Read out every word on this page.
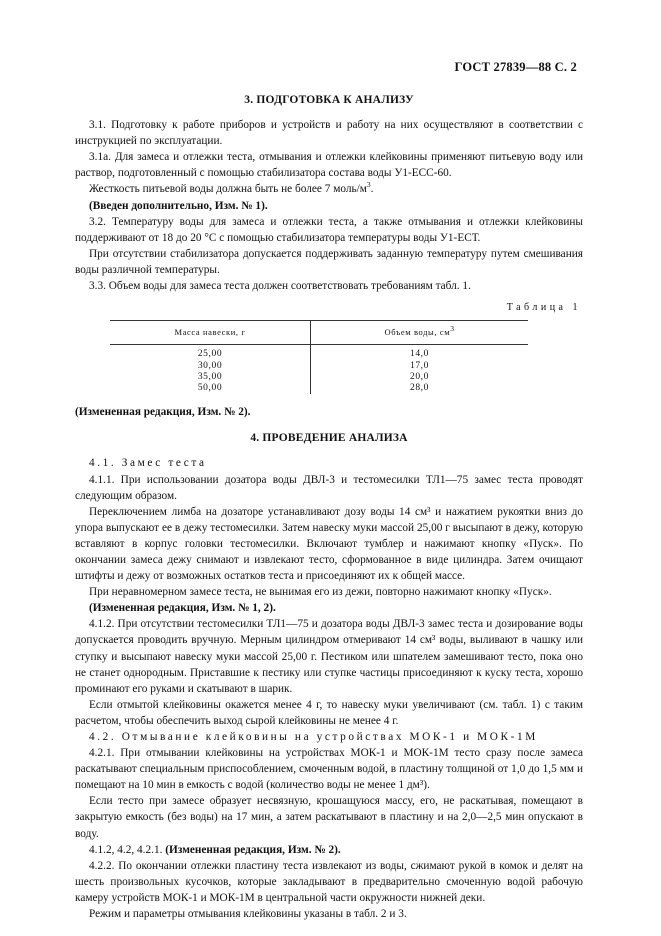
ГОСТ 27839—88 С. 2
3. ПОДГОТОВКА К АНАЛИЗУ

3.1. Подготовку к работе приборов и устройств и работу на них осуществляют в соответствии с инструкцией по эксплуатации.

3.1а. Для замеса и отлежки теста, отмывания и отлежки клейковины применяют питьевую воду или раствор, подготовленный с помощью стабилизатора состава воды У1-ЕСС-60.

Жесткость питьевой воды должна быть не более 7 моль/$м^3$.

(Введен дополнительно, Изм. № 1).

3.2. Температуру воды для замеса и отлежки теста, а также отмывания и отлежки клейковины поддерживают от 18 до 20 °С с помощью стабилизатора температуры воды У1-ЕСТ.

При отсутствии стабилизатора допускается поддерживать заданную температуру путем смешивания воды различной температуры.

3.3. Объем воды для замеса теста должен соответствовать требованиям табл. 1.

Таблица 1
Масса навески, г	Объем воды, $см^3$
25,00	14,0
30,00	17,0
35,00	20,0
50,00	28,0

(Измененная редакция, Изм. № 2).

4. ПРОВЕДЕНИЕ АНАЛИЗА

4.1. Замес теста

4.1.1. При использовании дозатора воды ДВЛ-3 и тестомесилки ТЛ1—75 замес теста проводят следующим образом.

Переключением лимба на дозаторе устанавливают дозу воды 14 см³ и нажатием рукоятки вниз до упора выпускают ее в дежу тестомесилки. Затем навеску муки массой 25,00 г высыпают в дежу, которую вставляют в корпус головки тестомесилки. Включают тумблер и нажимают кнопку «Пуск». По окончании замеса дежу снимают и извлекают тесто, сформованное в виде цилиндра. Затем очищают штифты и дежу от возможных остатков теста и присоединяют их к общей массе.

При неравномерном замесе теста, не вынимая его из дежи, повторно нажимают кнопку «Пуск».

(Измененная редакция, Изм. № 1, 2).

4.1.2. При отсутствии тестомесилки ТЛ1—75 и дозатора воды ДВЛ-3 замес теста и дозирование воды допускается проводить вручную. Мерным цилиндром отмеривают 14 см³ воды, выливают в чашку или ступку и высыпают навеску муки массой 25,00 г. Пестиком или шпателем замешивают тесто, пока оно не станет однородным. Приставшие к пестику или ступке частицы присоединяют к куску теста, хорошо проминают его руками и скатывают в шарик.

Если отмытой клейковины окажется менее 4 г, то навеску муки увеличивают (см. табл. 1) с таким расчетом, чтобы обеспечить выход сырой клейковины не менее 4 г.

4.2. Отмывание клейковины на устройствах МОК-1 и МОК-1М

4.2.1. При отмывании клейковины на устройствах МОК-1 и МОК-1М тесто сразу после замеса раскатывают специальным приспособлением, смоченным водой, в пластину толщиной от 1,0 до 1,5 мм и помещают на 10 мин в емкость с водой (количество воды не менее 1 дм³).

Если тесто при замесе образует несвязную, крошащуюся массу, его, не раскатывая, помещают в закрытую емкость (без воды) на 17 мин, а затем раскатывают в пластину и на 2,0—2,5 мин опускают в воду.

4.1.2, 4.2, 4.2.1. (Измененная редакция, Изм. № 2).

4.2.2. По окончании отлежки пластину теста извлекают из воды, сжимают рукой в комок и делят на шесть произвольных кусочков, которые закладывают в предварительно смоченную водой рабочую камеру устройств МОК-1 и МОК-1М в центральной части окружности нижней деки.

Режим и параметры отмывания клейковины указаны в табл. 2 и 3.
